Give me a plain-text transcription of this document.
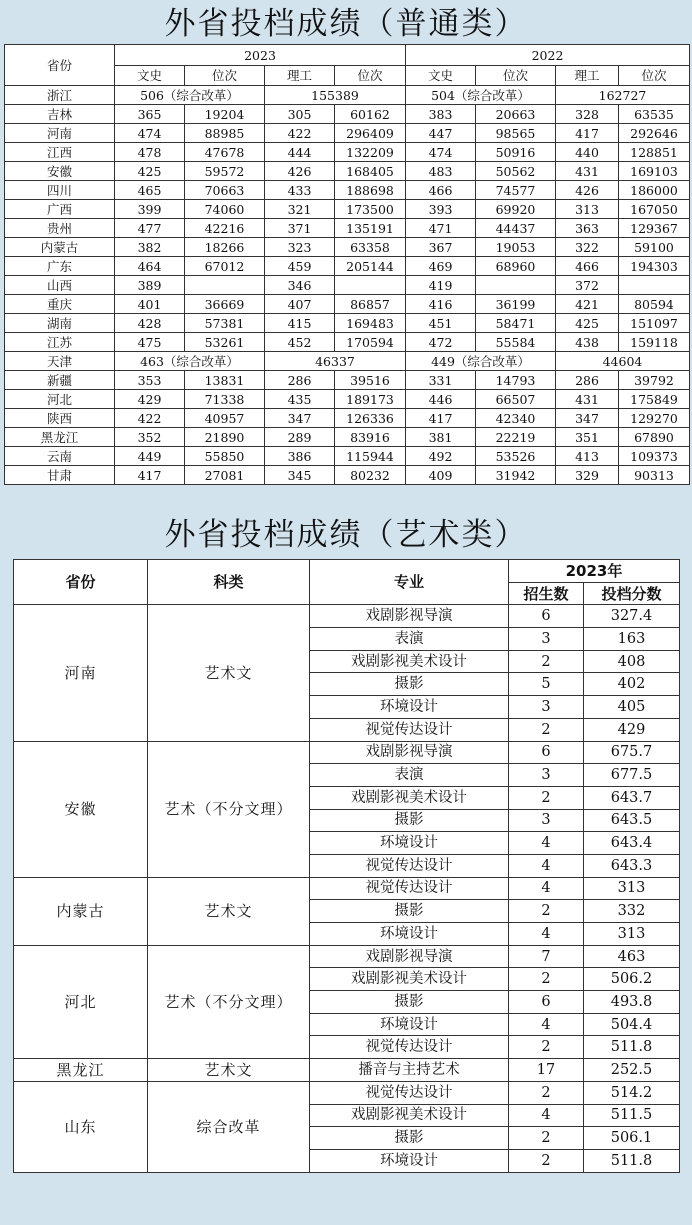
外省投档成绩（普通类）
省份	2023				2022			
	文史	位次	理工	位次	文史	位次	理工	位次
浙江	506（综合改革）		155389		504（综合改革）		162727	
吉林	365	19204	305	60162	383	20663	328	63535
河南	474	88985	422	296409	447	98565	417	292646
江西	478	47678	444	132209	474	50916	440	128851
安徽	425	59572	426	168405	483	50562	431	169103
四川	465	70663	433	188698	466	74577	426	186000
广西	399	74060	321	173500	393	69920	313	167050
贵州	477	42216	371	135191	471	44437	363	129367
内蒙古	382	18266	323	63358	367	19053	322	59100
广东	464	67012	459	205144	469	68960	466	194303
山西	389		346		419		372	
重庆	401	36669	407	86857	416	36199	421	80594
湖南	428	57381	415	169483	451	58471	425	151097
江苏	475	53261	452	170594	472	55584	438	159118
天津	463（综合改革）		46337		449（综合改革）		44604	
新疆	353	13831	286	39516	331	14793	286	39792
河北	429	71338	435	189173	446	66507	431	175849
陕西	422	40957	347	126336	417	42340	347	129270
黑龙江	352	21890	289	83916	381	22219	351	67890
云南	449	55850	386	115944	492	53526	413	109373
甘肃	417	27081	345	80232	409	31942	329	90313
外省投档成绩（艺术类）
省份	科类	专业	2023年	
			招生数	投档分数
河南	艺术文	戏剧影视导演	6	327.4
		表演	3	163
		戏剧影视美术设计	2	408
		摄影	5	402
		环境设计	3	405
		视觉传达设计	2	429
安徽	艺术（不分文理）	戏剧影视导演	6	675.7
		表演	3	677.5
		戏剧影视美术设计	2	643.7
		摄影	3	643.5
		环境设计	4	643.4
		视觉传达设计	4	643.3
内蒙古	艺术文	视觉传达设计	4	313
		摄影	2	332
		环境设计	4	313
河北	艺术（不分文理）	戏剧影视导演	7	463
		戏剧影视美术设计	2	506.2
		摄影	6	493.8
		环境设计	4	504.4
		视觉传达设计	2	511.8
黑龙江	艺术文	播音与主持艺术	17	252.5
山东	综合改革	视觉传达设计	2	514.2
		戏剧影视美术设计	4	511.5
		摄影	2	506.1
		环境设计	2	511.8
